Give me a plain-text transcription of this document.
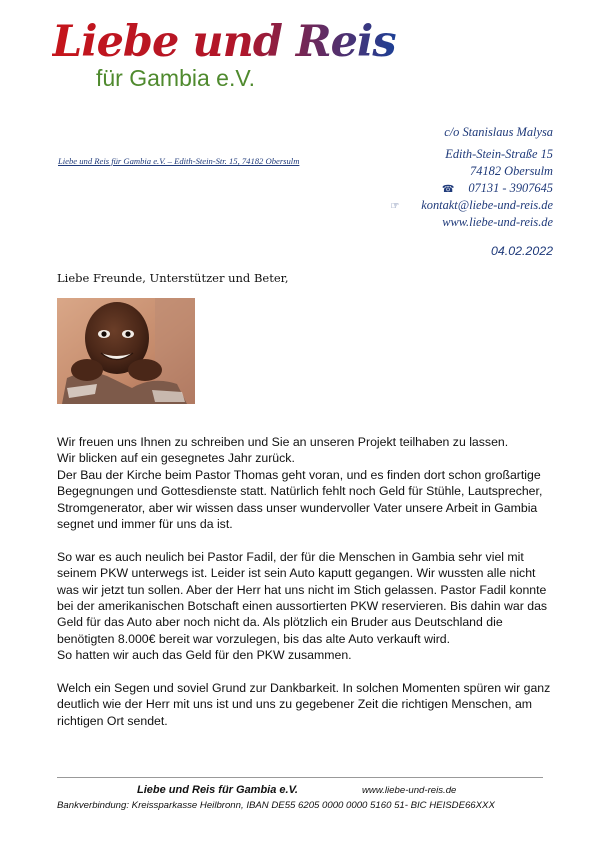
Liebe und Reis
für Gambia e.V.
Liebe und Reis für Gambia e.V. – Edith-Stein-Str. 15, 74182 Obersulm
c/o Stanislaus Malysa
Edith-Stein-Straße 15
74182 Obersulm
☎ 07131 - 3907645
☞ kontakt@liebe-und-reis.de
www.liebe-und-reis.de
04.02.2022
Liebe Freunde, Unterstützer und Beter,
Wir freuen uns Ihnen zu schreiben und Sie an unseren Projekt teilhaben zu lassen.
Wir blicken auf ein gesegnetes Jahr zurück.

Der Bau der Kirche beim Pastor Thomas geht voran, und es finden dort schon großartige Begegnungen und Gottesdienste statt. Natürlich fehlt noch Geld für Stühle, Lautsprecher, Stromgenerator, aber wir wissen dass unser wundervoller Vater unsere Arbeit in Gambia segnet und immer für uns da ist.

So war es auch neulich bei Pastor Fadil, der für die Menschen in Gambia sehr viel mit seinem PKW unterwegs ist. Leider ist sein Auto kaputt gegangen. Wir wussten alle nicht was wir jetzt tun sollen. Aber der Herr hat uns nicht im Stich gelassen. Pastor Fadil konnte bei der amerikanischen Botschaft einen aussortierten PKW reservieren. Bis dahin war das Geld für das Auto aber noch nicht da. Als plötzlich ein Bruder aus Deutschland die benötigten 8.000€ bereit war vorzulegen, bis das alte Auto verkauft wird.

So hatten wir auch das Geld für den PKW zusammen.

Welch ein Segen und soviel Grund zur Dankbarkeit. In solchen Momenten spüren wir ganz deutlich wie der Herr mit uns ist und uns zu gegebener Zeit die richtigen Menschen, am richtigen Ort sendet.

Liebe und Reis für Gambia e.V.	www.liebe-und-reis.de
Bankverbindung: Kreissparkasse Heilbronn, IBAN DE55 6205 0000 0000 5160 51- BIC HEISDE66XXX
